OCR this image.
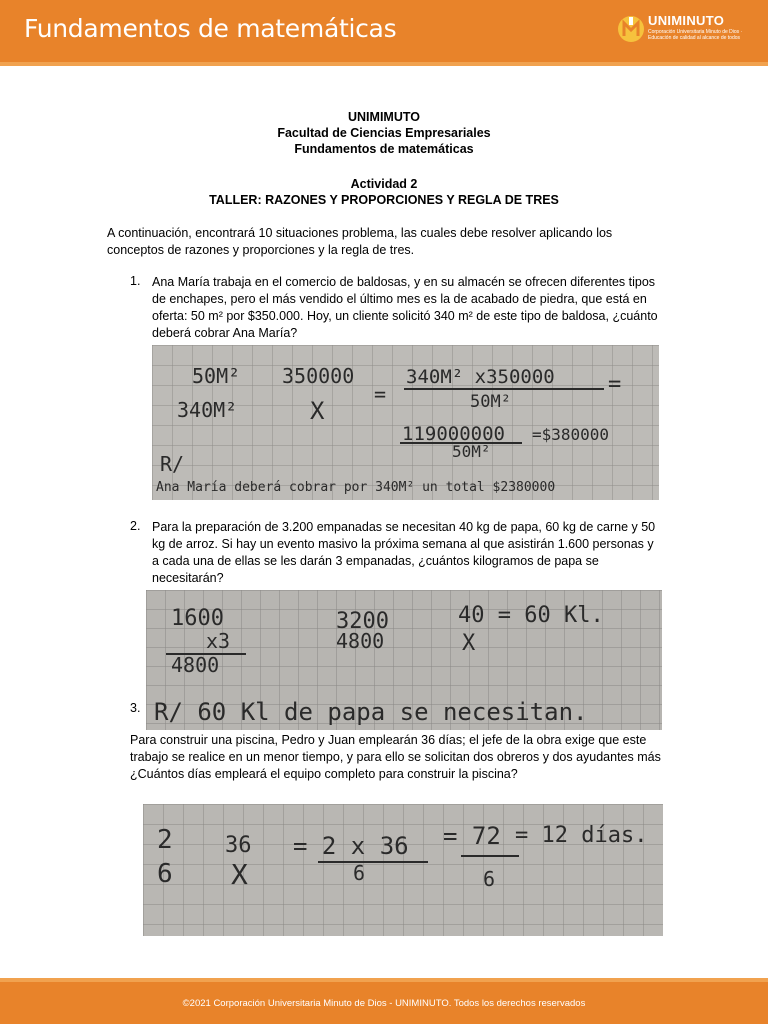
Fundamentos de matemáticas	UNIMINUTO
Corporación Universitaria Minuto de Dios · Educación de calidad al alcance de todos
UNIMIMUTO
Facultad de Ciencias Empresariales
Fundamentos de matemáticas
Actividad 2
TALLER: RAZONES Y PROPORCIONES Y REGLA DE TRES
A continuación, encontrará 10 situaciones problema, las cuales debe resolver aplicando los conceptos de razones y proporciones y la regla de tres.
1. Ana María trabaja en el comercio de baldosas, y en su almacén se ofrecen diferentes tipos de enchapes, pero el más vendido el último mes es la de acabado de piedra, que está en oferta: 50 m² por $350.000. Hoy, un cliente solicitó 340 m² de este tipo de baldosa, ¿cuánto deberá cobrar Ana María?
50M² 350000
=
340M² x350000 =
340M²	X	50M²
119000000 =$380000
50M²
R/
Ana María deberá cobrar por 340M² un total $2380000
2. Para la preparación de 3.200 empanadas se necesitan 40 kg de papa, 60 kg de carne y 50 kg de arroz. Si hay un evento masivo la próxima semana al que asistirán 1.600 personas y a cada una de ellas se les darán 3 empanadas, ¿cuántos kilogramos de papa se necesitarán?
1600
x3
4800
3200
4800
40 = 60 Kl.
X
R/ 60 Kl de papa se necesitan.
3.
Para construir una piscina, Pedro y Juan emplearán 36 días; el jefe de la obra exige que este trabajo se realice en un menor tiempo, y para ello se solicitan dos obreros y dos ayudantes más ¿Cuántos días empleará el equipo completo para construir la piscina?
2
6
36
X
= 2 x 36
6
= 72
6
= 12 días.
©2021 Corporación Universitaria Minuto de Dios - UNIMINUTO. Todos los derechos reservados
